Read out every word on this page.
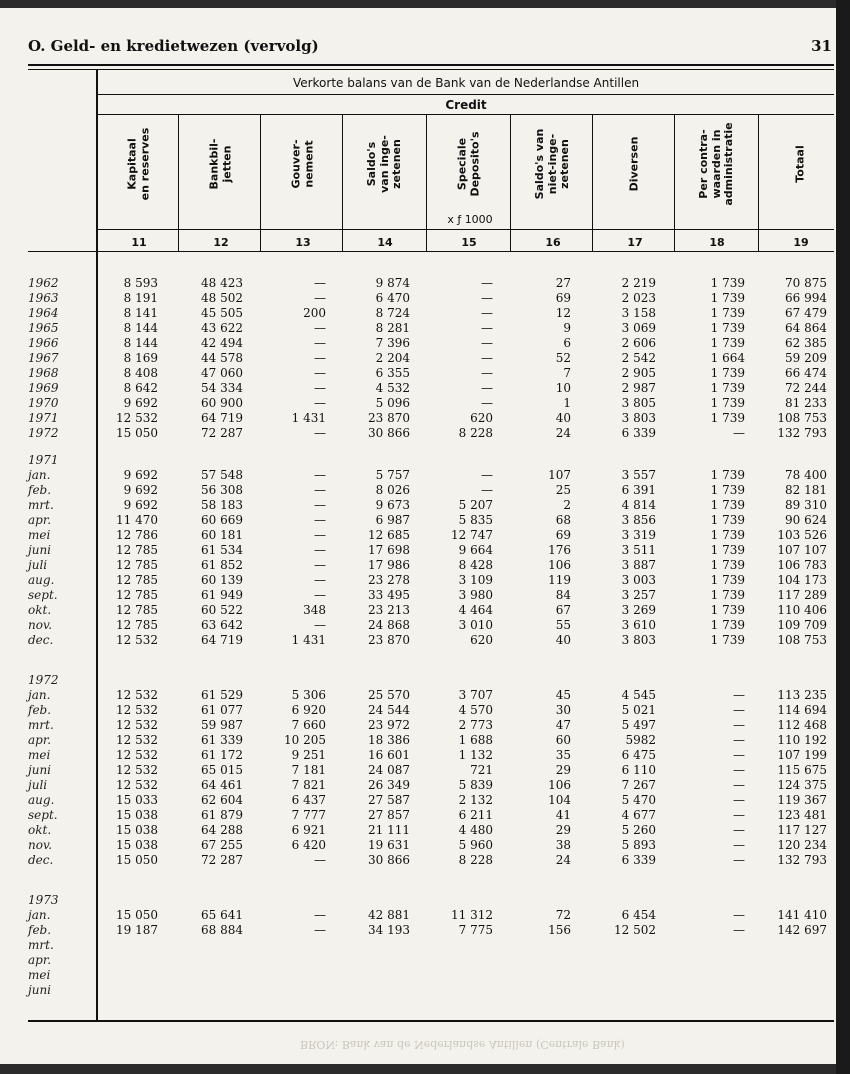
O. Geld- en kredietwezen (vervolg)	31
Verkorte balans van de Bank van de Nederlandse Antillen
Credit
x ƒ 1000
Kapitaal
en reserves
11
Bankbil-
jetten
12
Gouver-
nement
13
Saldo's
van inge-
zetenen
14
Speciale
Deposito's
15
Saldo's van
niet-inge-
zetenen
16
Diversen
17
Per contra-
waarden in
administratie
18
Totaal
19
1962	8 593	48 423	—	9 874	—	27	2 219	1 739	70 875
1963	8 191	48 502	—	6 470	—	69	2 023	1 739	66 994
1964	8 141	45 505	200	8 724	—	12	3 158	1 739	67 479
1965	8 144	43 622	—	8 281	—	9	3 069	1 739	64 864
1966	8 144	42 494	—	7 396	—	6	2 606	1 739	62 385
1967	8 169	44 578	—	2 204	—	52	2 542	1 664	59 209
1968	8 408	47 060	—	6 355	—	7	2 905	1 739	66 474
1969	8 642	54 334	—	4 532	—	10	2 987	1 739	72 244
1970	9 692	60 900	—	5 096	—	1	3 805	1 739	81 233
1971	12 532	64 719	1 431	23 870	620	40	3 803	1 739	108 753
1972	15 050	72 287	—	30 866	8 228	24	6 339	—	132 793
1971
jan.	9 692	57 548	—	5 757	—	107	3 557	1 739	78 400
feb.	9 692	56 308	—	8 026	—	25	6 391	1 739	82 181
mrt.	9 692	58 183	—	9 673	5 207	2	4 814	1 739	89 310
apr.	11 470	60 669	—	6 987	5 835	68	3 856	1 739	90 624
mei	12 786	60 181	—	12 685	12 747	69	3 319	1 739	103 526
juni	12 785	61 534	—	17 698	9 664	176	3 511	1 739	107 107
juli	12 785	61 852	—	17 986	8 428	106	3 887	1 739	106 783
aug.	12 785	60 139	—	23 278	3 109	119	3 003	1 739	104 173
sept.	12 785	61 949	—	33 495	3 980	84	3 257	1 739	117 289
okt.	12 785	60 522	348	23 213	4 464	67	3 269	1 739	110 406
nov.	12 785	63 642	—	24 868	3 010	55	3 610	1 739	109 709
dec.	12 532	64 719	1 431	23 870	620	40	3 803	1 739	108 753
1972
jan.	12 532	61 529	5 306	25 570	3 707	45	4 545	—	113 235
feb.	12 532	61 077	6 920	24 544	4 570	30	5 021	—	114 694
mrt.	12 532	59 987	7 660	23 972	2 773	47	5 497	—	112 468
apr.	12 532	61 339	10 205	18 386	1 688	60	5982	—	110 192
mei	12 532	61 172	9 251	16 601	1 132	35	6 475	—	107 199
juni	12 532	65 015	7 181	24 087	721	29	6 110	—	115 675
juli	12 532	64 461	7 821	26 349	5 839	106	7 267	—	124 375
aug.	15 033	62 604	6 437	27 587	2 132	104	5 470	—	119 367
sept.	15 038	61 879	7 777	27 857	6 211	41	4 677	—	123 481
okt.	15 038	64 288	6 921	21 111	4 480	29	5 260	—	117 127
nov.	15 038	67 255	6 420	19 631	5 960	38	5 893	—	120 234
dec.	15 050	72 287	—	30 866	8 228	24	6 339	—	132 793
1973
jan.	15 050	65 641	—	42 881	11 312	72	6 454	—	141 410
feb.	19 187	68 884	—	34 193	7 775	156	12 502	—	142 697
mrt.
apr.
mei
juni
BRON: Bank van de Nederlandse Antillen (Centrale Bank)
